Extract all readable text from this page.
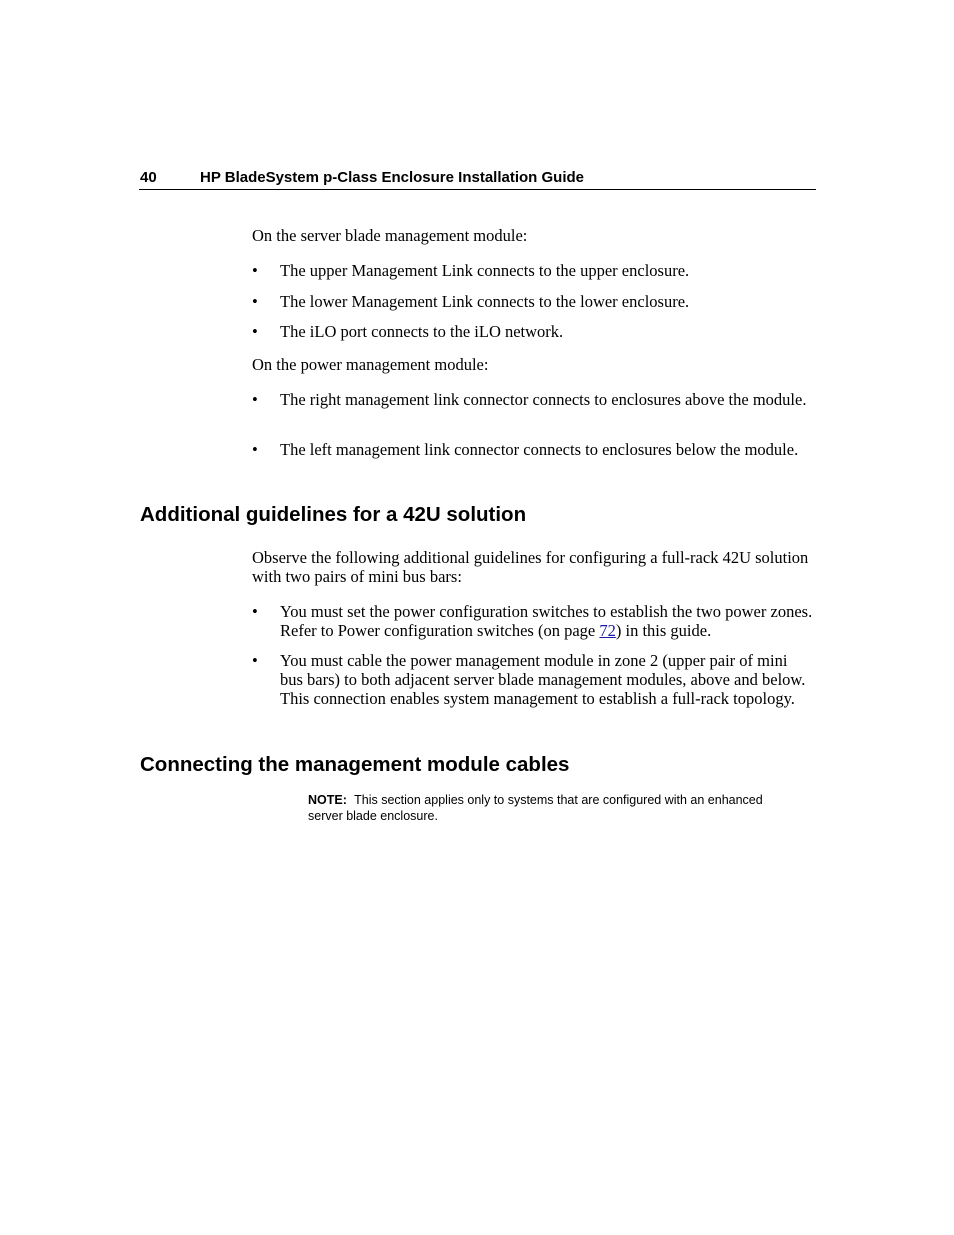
40	HP BladeSystem p-Class Enclosure Installation Guide
On the server blade management module:
• The upper Management Link connects to the upper enclosure.
• The lower Management Link connects to the lower enclosure.
• The iLO port connects to the iLO network.
On the power management module:
• The right management link connector connects to enclosures above the module.
• The left management link connector connects to enclosures below the module.
Additional guidelines for a 42U solution
Observe the following additional guidelines for configuring a full-rack 42U solution with two pairs of mini bus bars:
• You must set the power configuration switches to establish the two power zones. Refer to Power configuration switches (on page 72) in this guide.
• You must cable the power management module in zone 2 (upper pair of mini bus bars) to both adjacent server blade management modules, above and below. This connection enables system management to establish a full-rack topology.
Connecting the management module cables
NOTE: This section applies only to systems that are configured with an enhanced server blade enclosure.
